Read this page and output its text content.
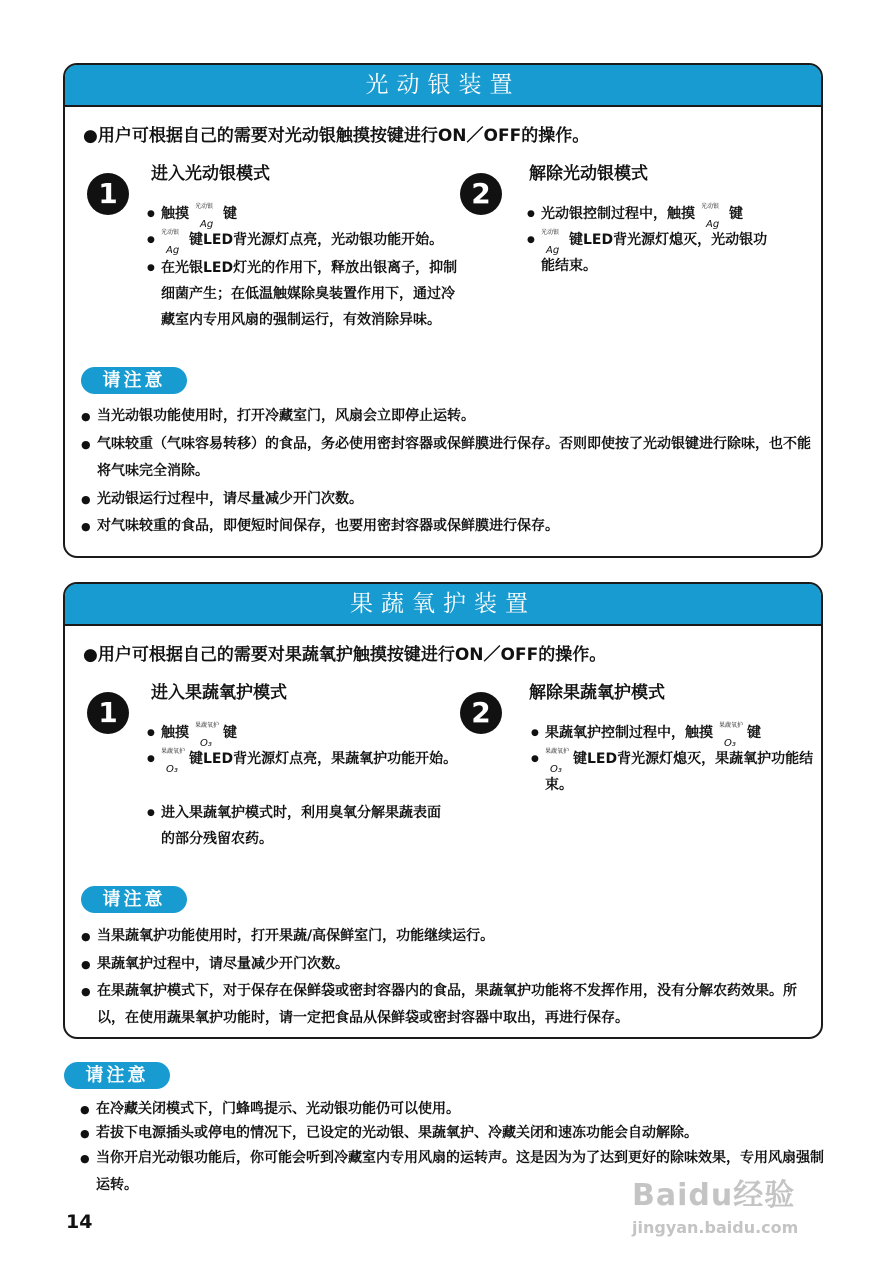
光动银装置
●用户可根据自己的需要对光动银触摸按键进行ON／OFF的操作。
1
进入光动银模式
● 触摸 光动银
Ag
键
● 光动银
Ag
键LED背光源灯点亮，光动银功能开始。
● 在光银LED灯光的作用下，释放出银离子，抑制细菌产生；在低温触媒除臭装置作用下，通过冷藏室内专用风扇的强制运行，有效消除异味。
2
解除光动银模式
● 光动银控制过程中，触摸 光动银
Ag
键
● 光动银
Ag
键LED背光源灯熄灭，光动银功能结束。
请注意
● 当光动银功能使用时，打开冷藏室门，风扇会立即停止运转。
● 气味较重（气味容易转移）的食品，务必使用密封容器或保鲜膜进行保存。否则即使按了光动银键进行除味，也不能将气味完全消除。
● 光动银运行过程中，请尽量减少开门次数。
● 对气味较重的食品，即便短时间保存，也要用密封容器或保鲜膜进行保存。
果蔬氧护装置
●用户可根据自己的需要对果蔬氧护触摸按键进行ON／OFF的操作。
1
进入果蔬氧护模式
● 触摸 果蔬氧护
O₃
键
● 果蔬氧护
O₃
键LED背光源灯点亮，果蔬氧护功能开始。
● 进入果蔬氧护模式时，利用臭氧分解果蔬表面的部分残留农药。
2
解除果蔬氧护模式
● 果蔬氧护控制过程中，触摸 果蔬氧护
O₃
键
● 果蔬氧护
O₃
键LED背光源灯熄灭，果蔬氧护功能结束。
请注意
● 当果蔬氧护功能使用时，打开果蔬/高保鲜室门，功能继续运行。
● 果蔬氧护过程中，请尽量减少开门次数。
● 在果蔬氧护模式下，对于保存在保鲜袋或密封容器内的食品，果蔬氧护功能将不发挥作用，没有分解农药效果。所以，在使用蔬果氧护功能时，请一定把食品从保鲜袋或密封容器中取出，再进行保存。
请注意
● 在冷藏关闭模式下，门蜂鸣提示、光动银功能仍可以使用。
● 若拔下电源插头或停电的情况下，已设定的光动银、果蔬氧护、冷藏关闭和速冻功能会自动解除。
● 当你开启光动银功能后，你可能会听到冷藏室内专用风扇的运转声。这是因为为了达到更好的除味效果，专用风扇强制运转。	Baidu经验
jingyan.baidu.com
14
